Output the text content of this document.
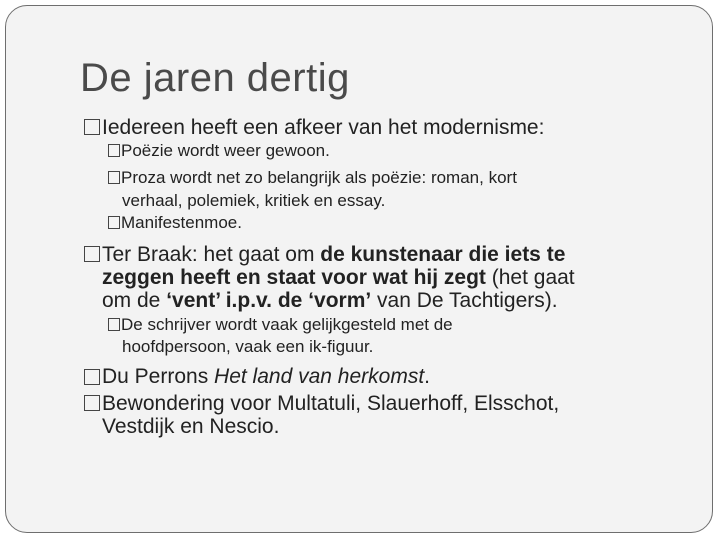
De jaren dertig
Iedereen heeft een afkeer van het modernisme:
Poëzie wordt weer gewoon.
Proza wordt net zo belangrijk als poëzie: roman, kort
verhaal, polemiek, kritiek en essay.
Manifestenmoe.
Ter Braak: het gaat om de kunstenaar die iets te
zeggen heeft en staat voor wat hij zegt (het gaat
om de ‘vent’ i.p.v. de ‘vorm’ van De Tachtigers).
De schrijver wordt vaak gelijkgesteld met de
hoofdpersoon, vaak een ik-figuur.
Du Perrons Het land van herkomst.
Bewondering voor Multatuli, Slauerhoff, Elsschot,
Vestdijk en Nescio.
